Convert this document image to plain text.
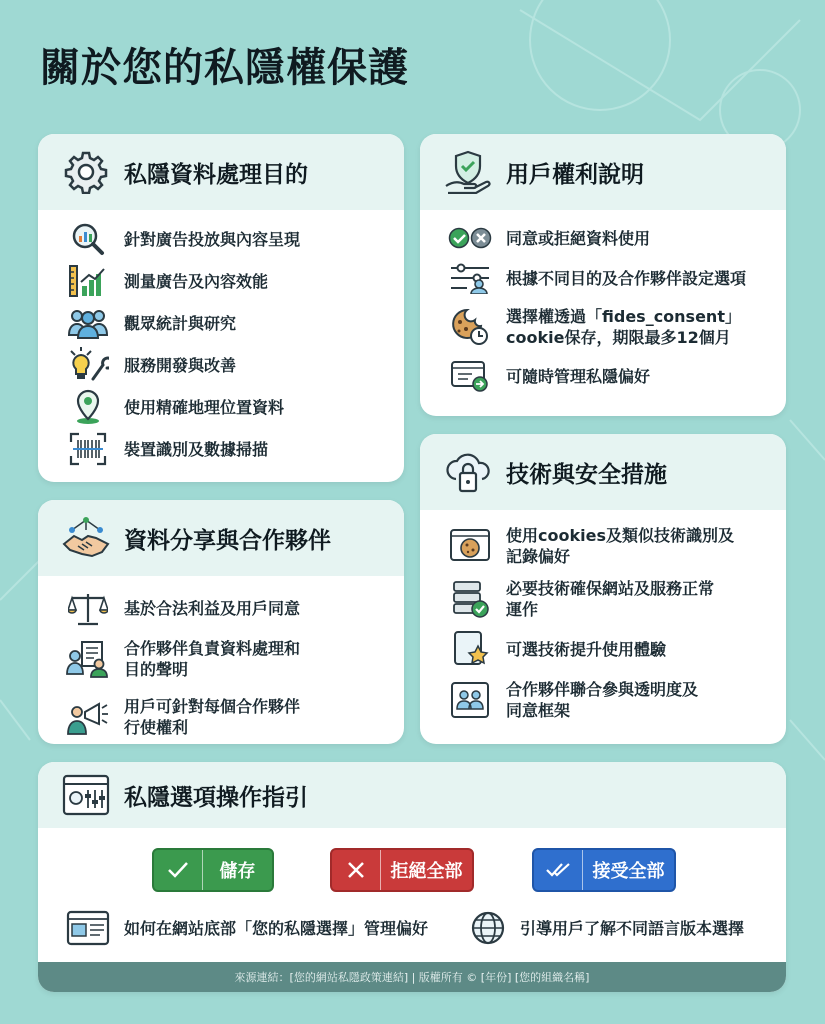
關於您的私隱權保護
私隱資料處理目的
針對廣告投放與內容呈現
測量廣告及內容效能
觀眾統計與研究
服務開發與改善
使用精確地理位置資料
裝置識別及數據掃描
用戶權利說明
同意或拒絕資料使用
根據不同目的及合作夥伴設定選項
選擇權透過「fides_consent」
cookie保存，期限最多12個月
可隨時管理私隱偏好
資料分享與合作夥伴
基於合法利益及用戶同意
合作夥伴負責資料處理和
目的聲明
用戶可針對每個合作夥伴
行使權利
技術與安全措施
使用cookies及類似技術識別及
記錄偏好
必要技術確保網站及服務正常
運作
可選技術提升使用體驗
合作夥伴聯合參與透明度及
同意框架
私隱選項操作指引
儲存	拒絕全部	接受全部
如何在網站底部「您的私隱選擇」管理偏好	引導用戶了解不同語言版本選擇
來源連結：[您的網站私隱政策連結] | 版權所有 © [年份] [您的組織名稱]
